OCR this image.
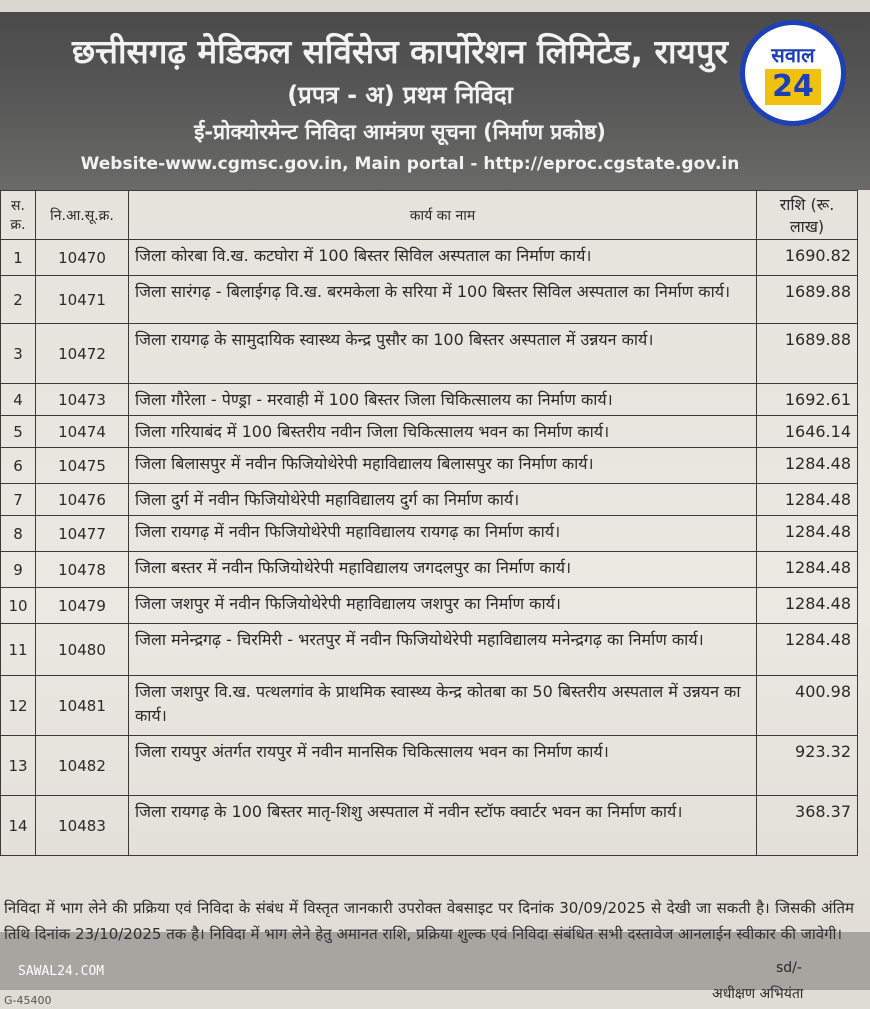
छत्तीसगढ़ मेडिकल सर्विसेज कार्पोरेशन लिमिटेड, रायपुर
(प्रपत्र - अ) प्रथम निविदा
ई-प्रोक्योरमेन्ट निविदा आमंत्रण सूचना (निर्माण प्रकोष्ठ)
Website-www.cgmsc.gov.in, Main portal - http://eproc.cgstate.gov.in
सवाल
24
स. क्र.	नि.आ.सू.क्र.	कार्य का नाम	राशि (रू. लाख)
1	10470	जिला कोरबा वि.ख. कटघोरा में 100 बिस्तर सिविल अस्पताल का निर्माण कार्य।	1690.82
2	10471	जिला सारंगढ़ - बिलाईगढ़ वि.ख. बरमकेला के सरिया में 100 बिस्तर सिविल अस्पताल का निर्माण कार्य।	1689.88
3	10472	जिला रायगढ़ के सामुदायिक स्वास्थ्य केन्द्र पुसौर का 100 बिस्तर अस्पताल में उन्नयन कार्य।	1689.88
4	10473	जिला गौरेला - पेण्ड्रा - मरवाही में 100 बिस्तर जिला चिकित्सालय का निर्माण कार्य।	1692.61
5	10474	जिला गरियाबंद में 100 बिस्तरीय नवीन जिला चिकित्सालय भवन का निर्माण कार्य।	1646.14
6	10475	जिला बिलासपुर में नवीन फिजियोथेरेपी महाविद्यालय बिलासपुर का निर्माण कार्य।	1284.48
7	10476	जिला दुर्ग में नवीन फिजियोथेरेपी महाविद्यालय दुर्ग का निर्माण कार्य।	1284.48
8	10477	जिला रायगढ़ में नवीन फिजियोथेरेपी महाविद्यालय रायगढ़ का निर्माण कार्य।	1284.48
9	10478	जिला बस्तर में नवीन फिजियोथेरेपी महाविद्यालय जगदलपुर का निर्माण कार्य।	1284.48
10	10479	जिला जशपुर में नवीन फिजियोथेरेपी महाविद्यालय जशपुर का निर्माण कार्य।	1284.48
11	10480	जिला मनेन्द्रगढ़ - चिरमिरी - भरतपुर में नवीन फिजियोथेरेपी महाविद्यालय मनेन्द्रगढ़ का निर्माण कार्य।	1284.48
12	10481	जिला जशपुर वि.ख. पत्थलगांव के प्राथमिक स्वास्थ्य केन्द्र कोतबा का 50 बिस्तरीय अस्पताल में उन्नयन का कार्य।	400.98
13	10482	जिला रायपुर अंतर्गत रायपुर में नवीन मानसिक चिकित्सालय भवन का निर्माण कार्य।	923.32
14	10483	जिला रायगढ़ के 100 बिस्तर मातृ-शिशु अस्पताल में नवीन स्टॉफ क्वार्टर भवन का निर्माण कार्य।	368.37
निविदा में भाग लेने की प्रक्रिया एवं निविदा के संबंध में विस्तृत जानकारी उपरोक्त वेबसाइट पर दिनांक 30/09/2025 से देखी जा सकती है। जिसकी अंतिम तिथि दिनांक 23/10/2025 तक है। निविदा में भाग लेने हेतु अमानत राशि, प्रक्रिया शुल्क एवं निविदा संबंधित सभी दस्तावेज आनलाईन स्वीकार की जावेगी।
SAWAL24.COM	sd/-
अधीक्षण अभियंता
G-45400
